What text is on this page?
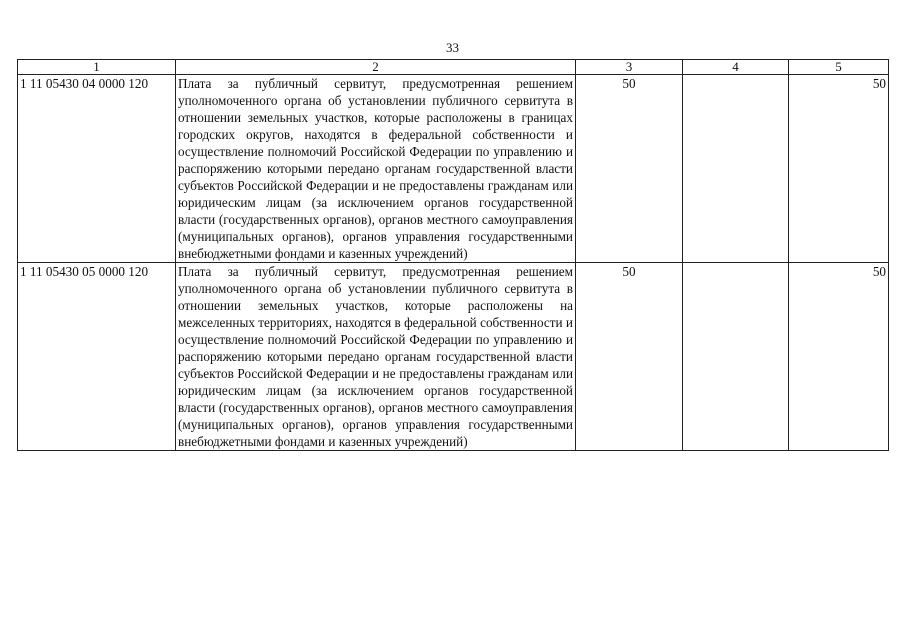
33
1	2	3	4	5
1 11 05430 04 0000 120	Плата за публичный сервитут, предусмотренная решением уполномоченного органа об установлении публичного сервитута в отношении земельных участков, которые расположены в границах городских округов, находятся в федеральной собственности и осуществление полномочий Российской Федерации по управлению и распоряжению которыми передано органам государственной власти субъектов Российской Федерации и не предоставлены гражданам или юридическим лицам (за исключением органов государственной власти (государственных органов), органов местного самоуправления (муниципальных органов), органов управления государственными внебюджетными фондами и казенных учреждений)	50		50
1 11 05430 05 0000 120	Плата за публичный сервитут, предусмотренная решением уполномоченного органа об установлении публичного сервитута в отношении земельных участков, которые расположены на межселенных территориях, находятся в федеральной собственности и осуществление полномочий Российской Федерации по управлению и распоряжению которыми передано органам государственной власти субъектов Российской Федерации и не предоставлены гражданам или юридическим лицам (за исключением органов государственной власти (государственных органов), органов местного самоуправления (муниципальных органов), органов управления государственными внебюджетными фондами и казенных учреждений)	50		50
